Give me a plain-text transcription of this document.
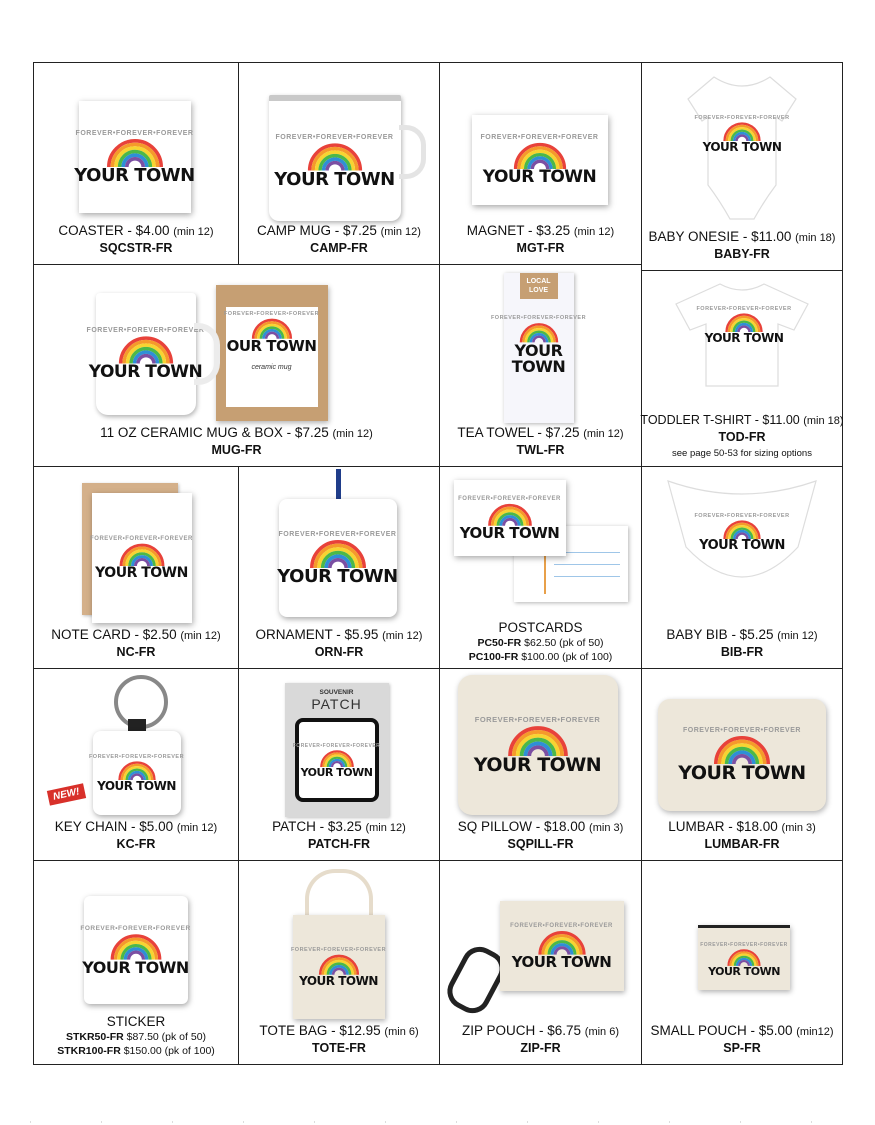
FOREVER•FOREVER•FOREVER
YOUR TOWN
COASTER - $4.00 (min 12)
SQCSTR-FR
FOREVER•FOREVER•FOREVER
YOUR TOWN
CAMP MUG - $7.25 (min 12)
CAMP-FR
FOREVER•FOREVER•FOREVER
YOUR TOWN
MAGNET - $3.25 (min 12)
MGT-FR
FOREVER•FOREVER•FOREVER
YOUR TOWN
BABY ONESIE - $11.00 (min 18)
BABY-FR
FOREVER•FOREVER•FOREVER
OUR TOWN
ceramic mug
FOREVER•FOREVER•FOREVER
YOUR TOWN
11 OZ CERAMIC MUG & BOX - $7.25 (min 12)
MUG-FR
LOCAL LOVE
FOREVER•FOREVER•FOREVER
YOUR
TOWN
TEA TOWEL - $7.25 (min 12)
TWL-FR
FOREVER•FOREVER•FOREVER
YOUR TOWN
TODDLER T-SHIRT - $11.00 (min 18)
TOD-FR
see page 50-53 for sizing options
FOREVER•FOREVER•FOREVER
YOUR TOWN
NOTE CARD - $2.50 (min 12)
NC-FR
FOREVER•FOREVER•FOREVER
YOUR TOWN
ORNAMENT - $5.95 (min 12)
ORN-FR
FOREVER•FOREVER•FOREVER
YOUR TOWN
POSTCARDS
PC50-FR $62.50 (pk of 50)
PC100-FR $100.00 (pk of 100)
FOREVER•FOREVER•FOREVER
YOUR TOWN
BABY BIB - $5.25 (min 12)
BIB-FR
FOREVER•FOREVER•FOREVER
YOUR TOWN
NEW!
KEY CHAIN - $5.00 (min 12)
KC-FR
SOUVENIR
PATCH
FOREVER•FOREVER•FOREVER
YOUR TOWN
PATCH - $3.25 (min 12)
PATCH-FR
FOREVER•FOREVER•FOREVER
YOUR TOWN
SQ PILLOW - $18.00 (min 3)
SQPILL-FR
FOREVER•FOREVER•FOREVER
YOUR TOWN
LUMBAR - $18.00 (min 3)
LUMBAR-FR
FOREVER•FOREVER•FOREVER
YOUR TOWN
STICKER
STKR50-FR $87.50 (pk of 50)
STKR100-FR $150.00 (pk of 100)
FOREVER•FOREVER•FOREVER
YOUR TOWN
TOTE BAG - $12.95 (min 6)
TOTE-FR
FOREVER•FOREVER•FOREVER
YOUR TOWN
ZIP POUCH - $6.75 (min 6)
ZIP-FR
FOREVER•FOREVER•FOREVER
YOUR TOWN
SMALL POUCH - $5.00 (min12)
SP-FR
